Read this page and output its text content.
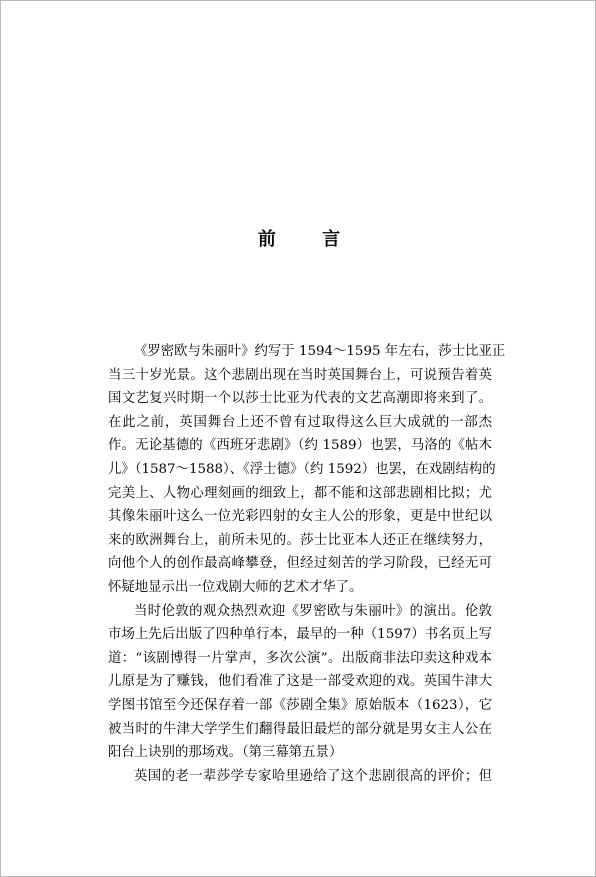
前 言
《罗密欧与朱丽叶》约写于 1594～1595 年左右，莎士比亚正
当三十岁光景。这个悲剧出现在当时英国舞台上，可说预告着英
国文艺复兴时期一个以莎士比亚为代表的文艺高潮即将来到了。
在此之前，英国舞台上还不曾有过取得这么巨大成就的一部杰
作。无论基德的《西班牙悲剧》（约 1589）也罢，马洛的《帖木
儿》（1587～1588）、《浮士德》（约 1592）也罢，在戏剧结构的
完美上、人物心理刻画的细致上，都不能和这部悲剧相比拟；尤
其像朱丽叶这么一位光彩四射的女主人公的形象，更是中世纪以
来的欧洲舞台上，前所未见的。莎士比亚本人还正在继续努力，
向他个人的创作最高峰攀登，但经过刻苦的学习阶段，已经无可
怀疑地显示出一位戏剧大师的艺术才华了。
当时伦敦的观众热烈欢迎《罗密欧与朱丽叶》的演出。伦敦
市场上先后出版了四种单行本，最早的一种（1597）书名页上写
道：“该剧博得一片掌声，多次公演”。出版商非法印卖这种戏本
儿原是为了赚钱，他们看准了这是一部受欢迎的戏。英国牛津大
学图书馆至今还保存着一部《莎剧全集》原始版本（1623），它
被当时的牛津大学学生们翻得最旧最烂的部分就是男女主人公在
阳台上诀别的那场戏。（第三幕第五景）
英国的老一辈莎学专家哈里逊给了这个悲剧很高的评价；但
